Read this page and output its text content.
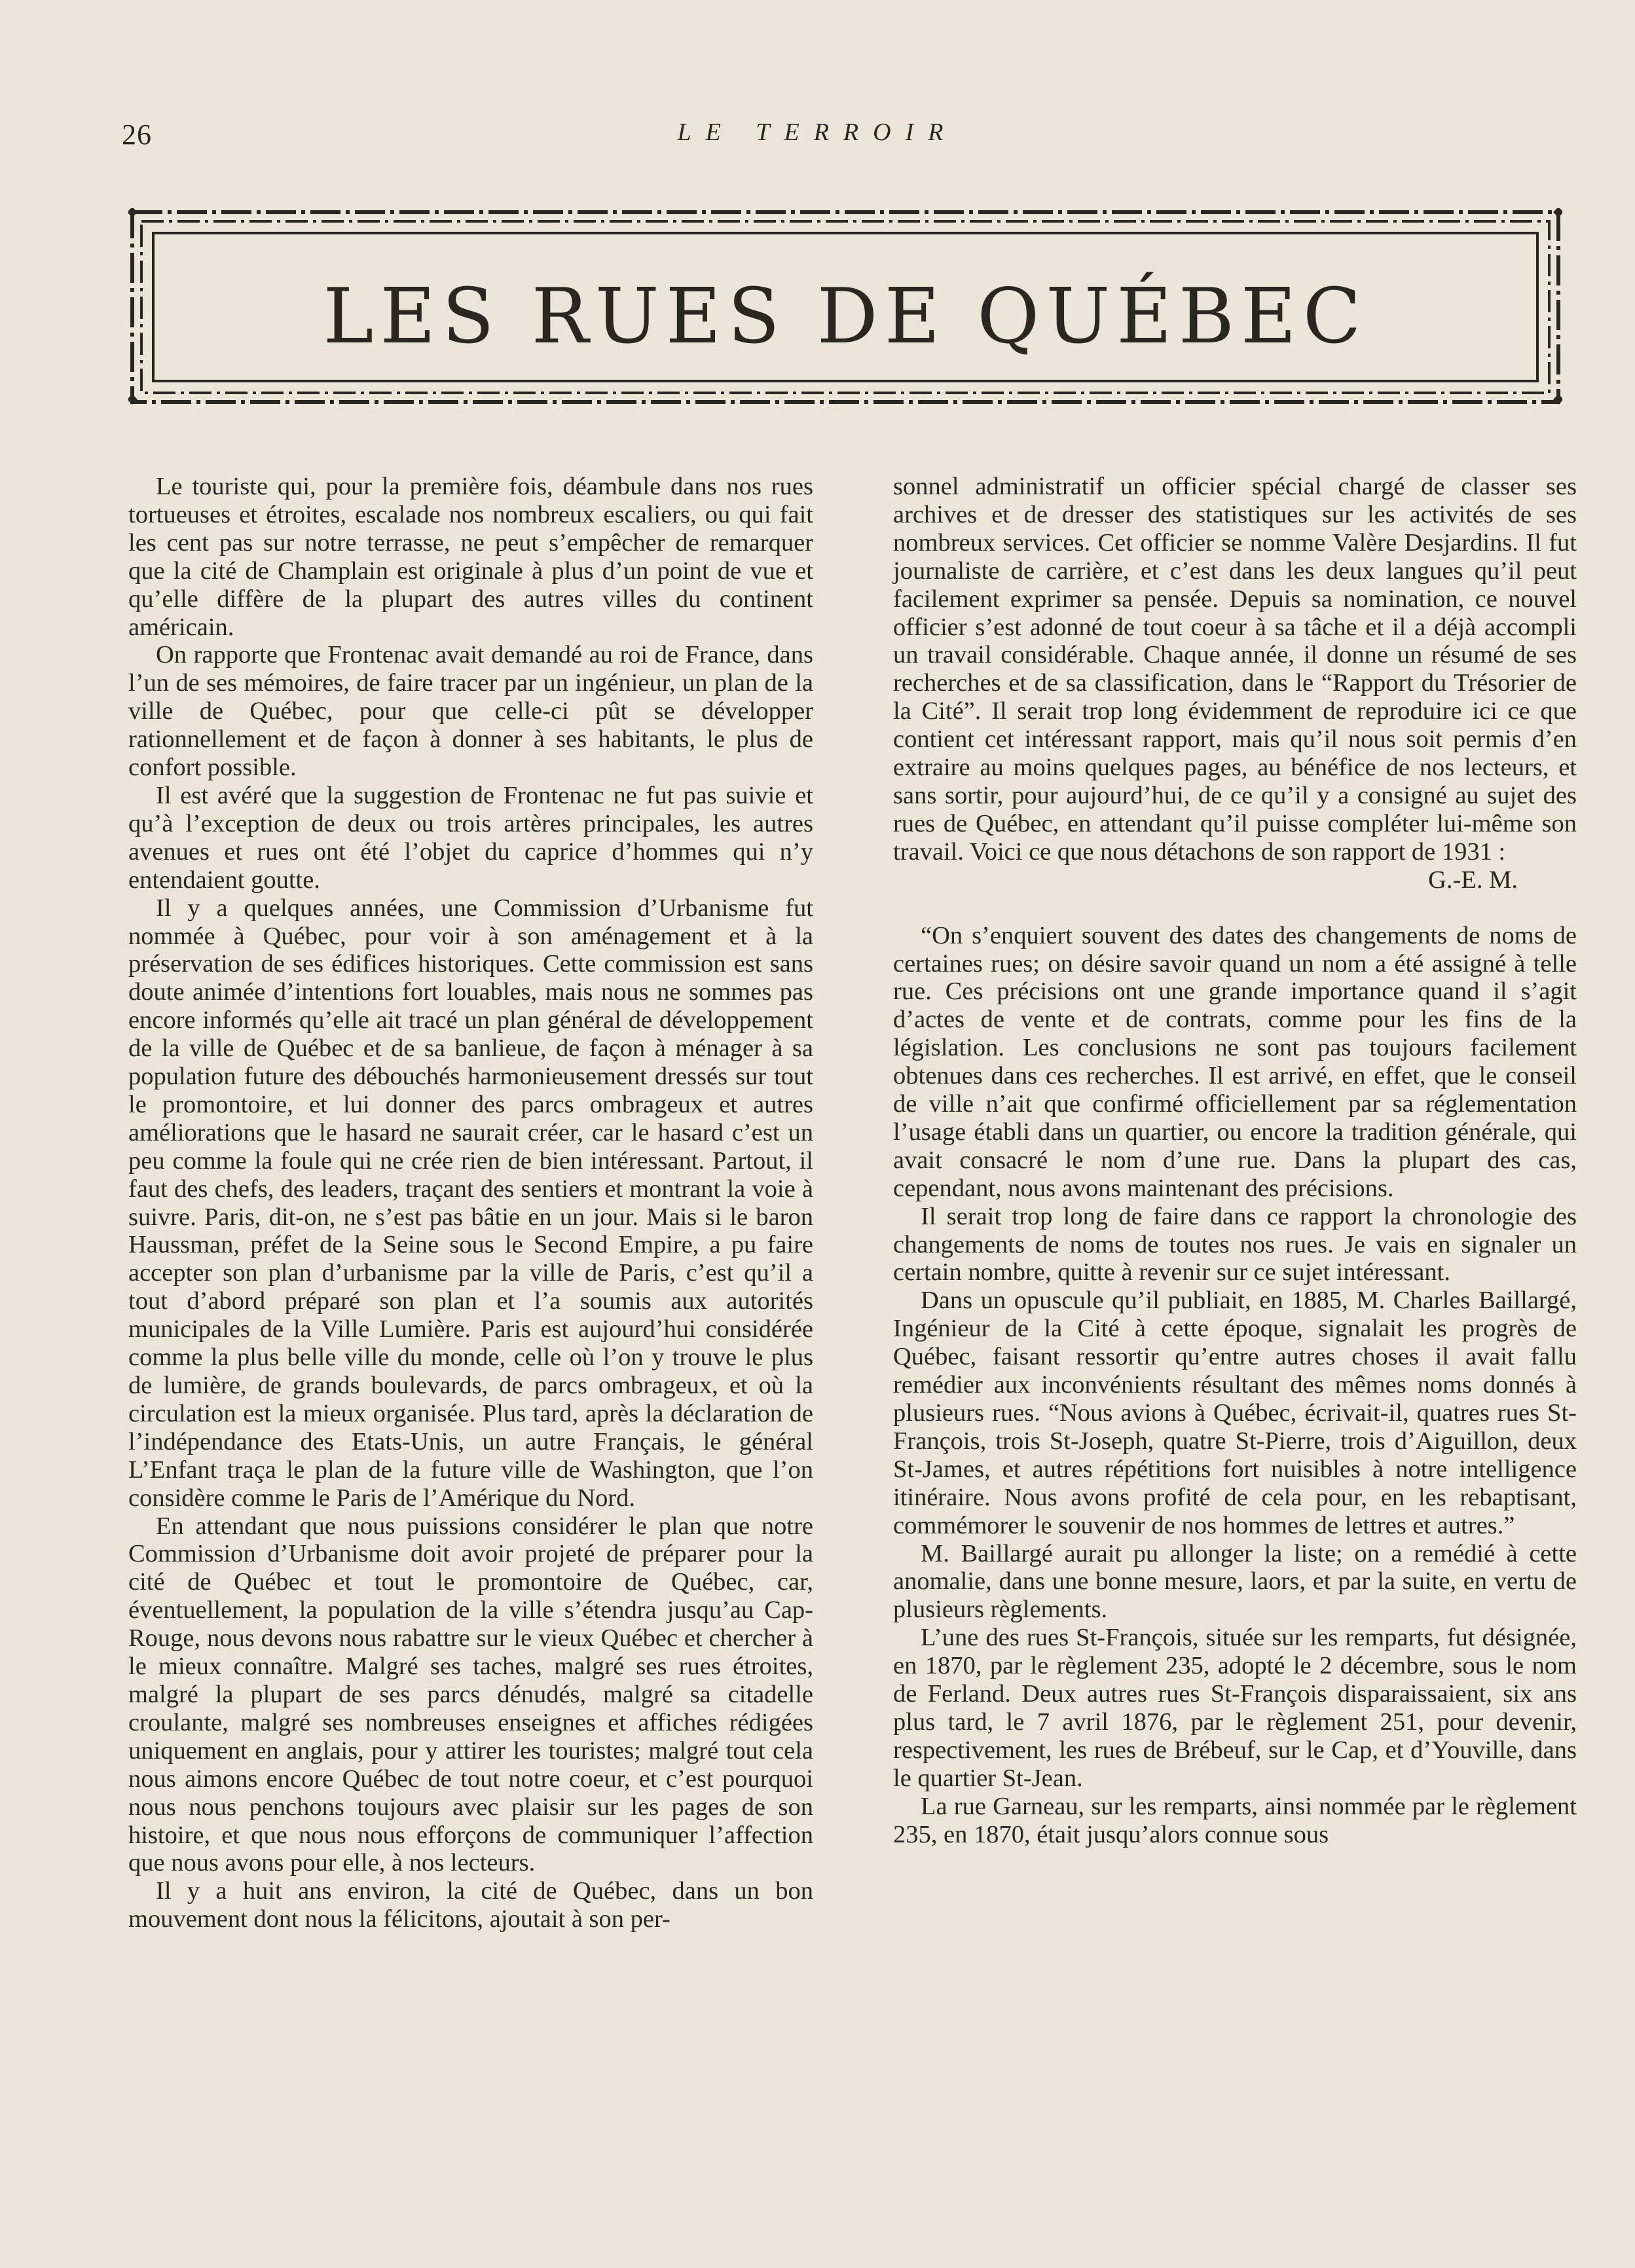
26	LE TERROIR
LES RUES DE QUÉBEC

Le touriste qui, pour la première fois, déambule dans nos rues tortueuses et étroites, escalade nos nombreux escaliers, ou qui fait les cent pas sur notre terrasse, ne peut s’empêcher de remarquer que la cité de Champlain est originale à plus d’un point de vue et qu’elle diffère de la plupart des autres villes du continent américain.

On rapporte que Frontenac avait demandé au roi de France, dans l’un de ses mémoires, de faire tracer par un ingénieur, un plan de la ville de Québec, pour que celle-ci pût se développer rationnellement et de façon à donner à ses habitants, le plus de confort possible.

Il est avéré que la suggestion de Frontenac ne fut pas suivie et qu’à l’exception de deux ou trois artères principales, les autres avenues et rues ont été l’objet du caprice d’hommes qui n’y entendaient goutte.

Il y a quelques années, une Commission d’Urbanisme fut nommée à Québec, pour voir à son aménagement et à la préservation de ses édifices historiques. Cette commission est sans doute animée d’intentions fort louables, mais nous ne sommes pas encore informés qu’elle ait tracé un plan général de développement de la ville de Québec et de sa banlieue, de façon à ménager à sa population future des débouchés harmonieusement dressés sur tout le promontoire, et lui donner des parcs ombrageux et autres améliorations que le hasard ne saurait créer, car le hasard c’est un peu comme la foule qui ne crée rien de bien intéressant. Partout, il faut des chefs, des leaders, traçant des sentiers et montrant la voie à suivre. Paris, dit-on, ne s’est pas bâtie en un jour. Mais si le baron Haussman, préfet de la Seine sous le Second Empire, a pu faire accepter son plan d’urbanisme par la ville de Paris, c’est qu’il a tout d’abord préparé son plan et l’a soumis aux autorités municipales de la Ville Lumière. Paris est aujourd’hui considérée comme la plus belle ville du monde, celle où l’on y trouve le plus de lumière, de grands boulevards, de parcs ombrageux, et où la circulation est la mieux organisée. Plus tard, après la déclaration de l’indépendance des Etats-Unis, un autre Français, le général L’Enfant traça le plan de la future ville de Washington, que l’on considère comme le Paris de l’Amérique du Nord.

En attendant que nous puissions considérer le plan que notre Commission d’Urbanisme doit avoir projeté de préparer pour la cité de Québec et tout le promontoire de Québec, car, éventuellement, la population de la ville s’étendra jusqu’au Cap-Rouge, nous devons nous rabattre sur le vieux Québec et chercher à le mieux connaître. Malgré ses taches, malgré ses rues étroites, malgré la plupart de ses parcs dénudés, malgré sa citadelle croulante, malgré ses nombreuses enseignes et affiches rédigées uniquement en anglais, pour y attirer les touristes; malgré tout cela nous aimons encore Québec de tout notre coeur, et c’est pourquoi nous nous penchons toujours avec plaisir sur les pages de son histoire, et que nous nous efforçons de communiquer l’affection que nous avons pour elle, à nos lecteurs.

Il y a huit ans environ, la cité de Québec, dans un bon mouvement dont nous la félicitons, ajoutait à son per-

sonnel administratif un officier spécial chargé de classer ses archives et de dresser des statistiques sur les activités de ses nombreux services. Cet officier se nomme Valère Desjardins. Il fut journaliste de carrière, et c’est dans les deux langues qu’il peut facilement exprimer sa pensée. Depuis sa nomination, ce nouvel officier s’est adonné de tout coeur à sa tâche et il a déjà accompli un travail considérable. Chaque année, il donne un résumé de ses recherches et de sa classification, dans le “Rapport du Trésorier de la Cité”. Il serait trop long évidemment de reproduire ici ce que contient cet intéressant rapport, mais qu’il nous soit permis d’en extraire au moins quelques pages, au bénéfice de nos lecteurs, et sans sortir, pour aujourd’hui, de ce qu’il y a consigné au sujet des rues de Québec, en attendant qu’il puisse compléter lui-même son travail. Voici ce que nous détachons de son rapport de 1931 :

G.-E. M.

“On s’enquiert souvent des dates des changements de noms de certaines rues; on désire savoir quand un nom a été assigné à telle rue. Ces précisions ont une grande importance quand il s’agit d’actes de vente et de contrats, comme pour les fins de la législation. Les conclusions ne sont pas toujours facilement obtenues dans ces recherches. Il est arrivé, en effet, que le conseil de ville n’ait que confirmé officiellement par sa réglementation l’usage établi dans un quartier, ou encore la tradition générale, qui avait consacré le nom d’une rue. Dans la plupart des cas, cependant, nous avons maintenant des précisions.

Il serait trop long de faire dans ce rapport la chronologie des changements de noms de toutes nos rues. Je vais en signaler un certain nombre, quitte à revenir sur ce sujet intéressant.

Dans un opuscule qu’il publiait, en 1885, M. Charles Baillargé, Ingénieur de la Cité à cette époque, signalait les progrès de Québec, faisant ressortir qu’entre autres choses il avait fallu remédier aux inconvénients résultant des mêmes noms donnés à plusieurs rues. “Nous avions à Québec, écrivait-il, quatres rues St-François, trois St-Joseph, quatre St-Pierre, trois d’Aiguillon, deux St-James, et autres répétitions fort nuisibles à notre intelligence itinéraire. Nous avons profité de cela pour, en les rebaptisant, commémorer le souvenir de nos hommes de lettres et autres.”

M. Baillargé aurait pu allonger la liste; on a remédié à cette anomalie, dans une bonne mesure, laors, et par la suite, en vertu de plusieurs règlements.

L’une des rues St-François, située sur les remparts, fut désignée, en 1870, par le règlement 235, adopté le 2 décembre, sous le nom de Ferland. Deux autres rues St-François disparaissaient, six ans plus tard, le 7 avril 1876, par le règlement 251, pour devenir, respectivement, les rues de Brébeuf, sur le Cap, et d’Youville, dans le quartier St-Jean.

La rue Garneau, sur les remparts, ainsi nommée par le règlement 235, en 1870, était jusqu’alors connue sous
